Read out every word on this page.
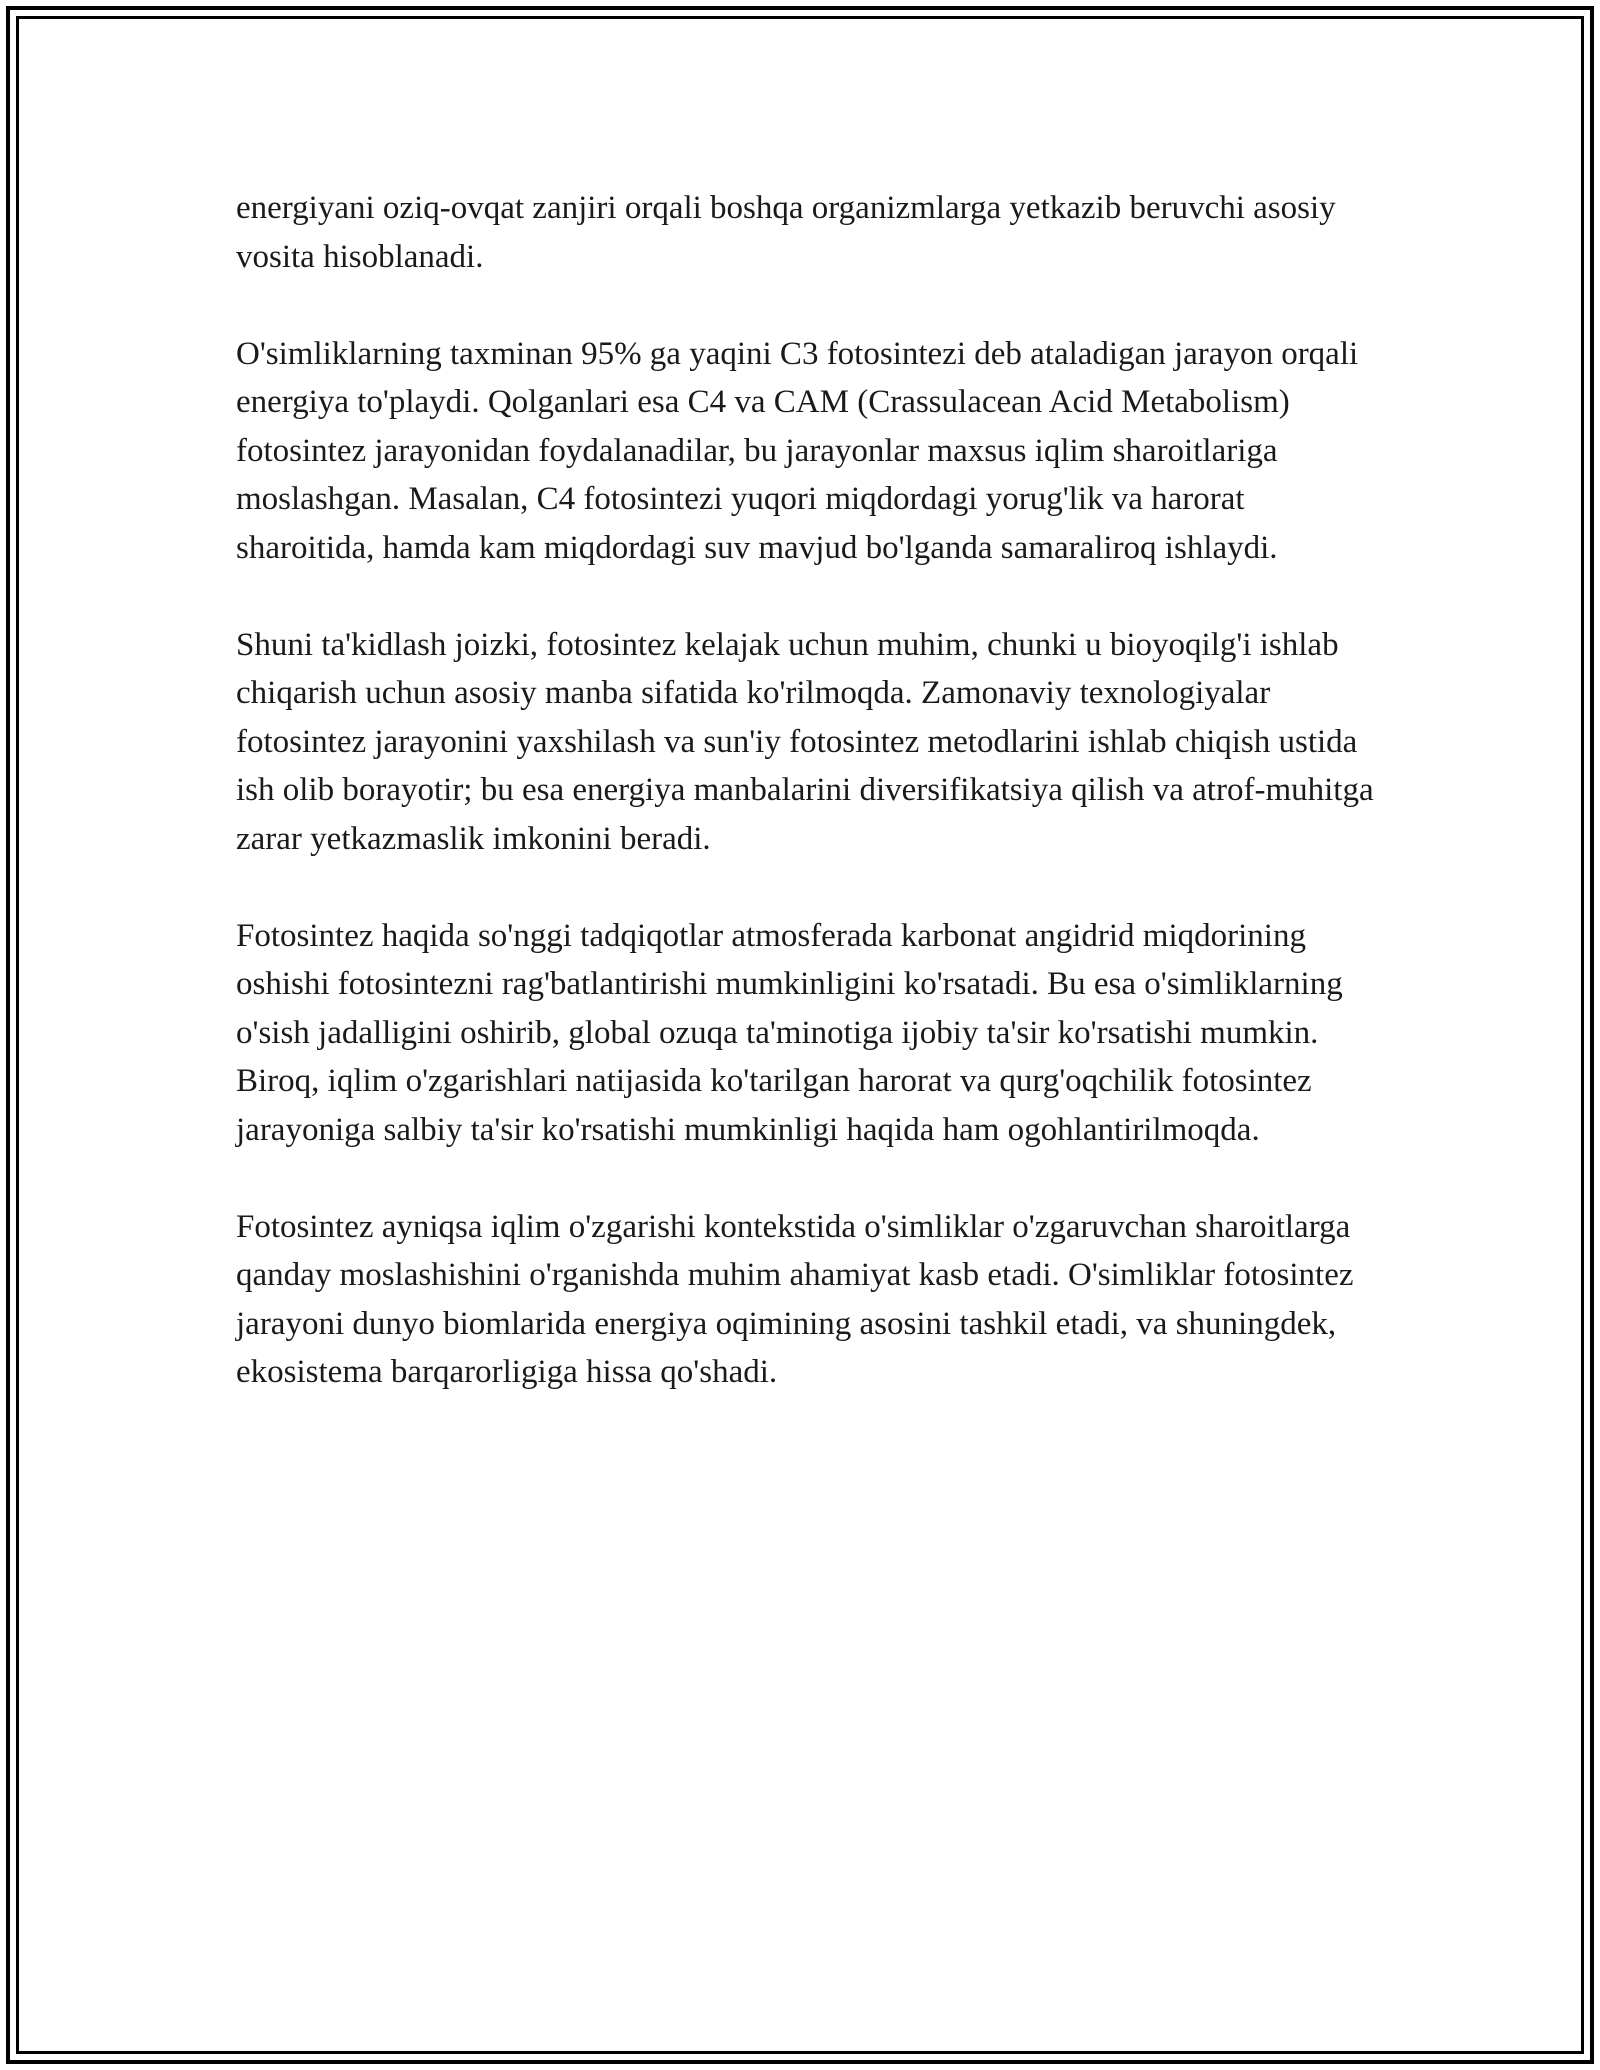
energiyani oziq-ovqat zanjiri orqali boshqa organizmlarga yetkazib beruvchi asosiy vosita hisoblanadi.

O'simliklarning taxminan 95% ga yaqini C3 fotosintezi deb ataladigan jarayon orqali energiya to'playdi. Qolganlari esa C4 va CAM (Crassulacean Acid Metabolism) fotosintez jarayonidan foydalanadilar, bu jarayonlar maxsus iqlim sharoitlariga moslashgan. Masalan, C4 fotosintezi yuqori miqdordagi yorug'lik va harorat sharoitida, hamda kam miqdordagi suv mavjud bo'lganda samaraliroq ishlaydi.

Shuni ta'kidlash joizki, fotosintez kelajak uchun muhim, chunki u bioyoqilg'i ishlab chiqarish uchun asosiy manba sifatida ko'rilmoqda. Zamonaviy texnologiyalar fotosintez jarayonini yaxshilash va sun'iy fotosintez metodlarini ishlab chiqish ustida ish olib borayotir; bu esa energiya manbalarini diversifikatsiya qilish va atrof-muhitga zarar yetkazmaslik imkonini beradi.

Fotosintez haqida so'nggi tadqiqotlar atmosferada karbonat angidrid miqdorining oshishi fotosintezni rag'batlantirishi mumkinligini ko'rsatadi. Bu esa o'simliklarning o'sish jadalligini oshirib, global ozuqa ta'minotiga ijobiy ta'sir ko'rsatishi mumkin. Biroq, iqlim o'zgarishlari natijasida ko'tarilgan harorat va qurg'oqchilik fotosintez jarayoniga salbiy ta'sir ko'rsatishi mumkinligi haqida ham ogohlantirilmoqda.

Fotosintez ayniqsa iqlim o'zgarishi kontekstida o'simliklar o'zgaruvchan sharoitlarga qanday moslashishini o'rganishda muhim ahamiyat kasb etadi. O'simliklar fotosintez jarayoni dunyo biomlarida energiya oqimining asosini tashkil etadi, va shuningdek, ekosistema barqarorligiga hissa qo'shadi.
